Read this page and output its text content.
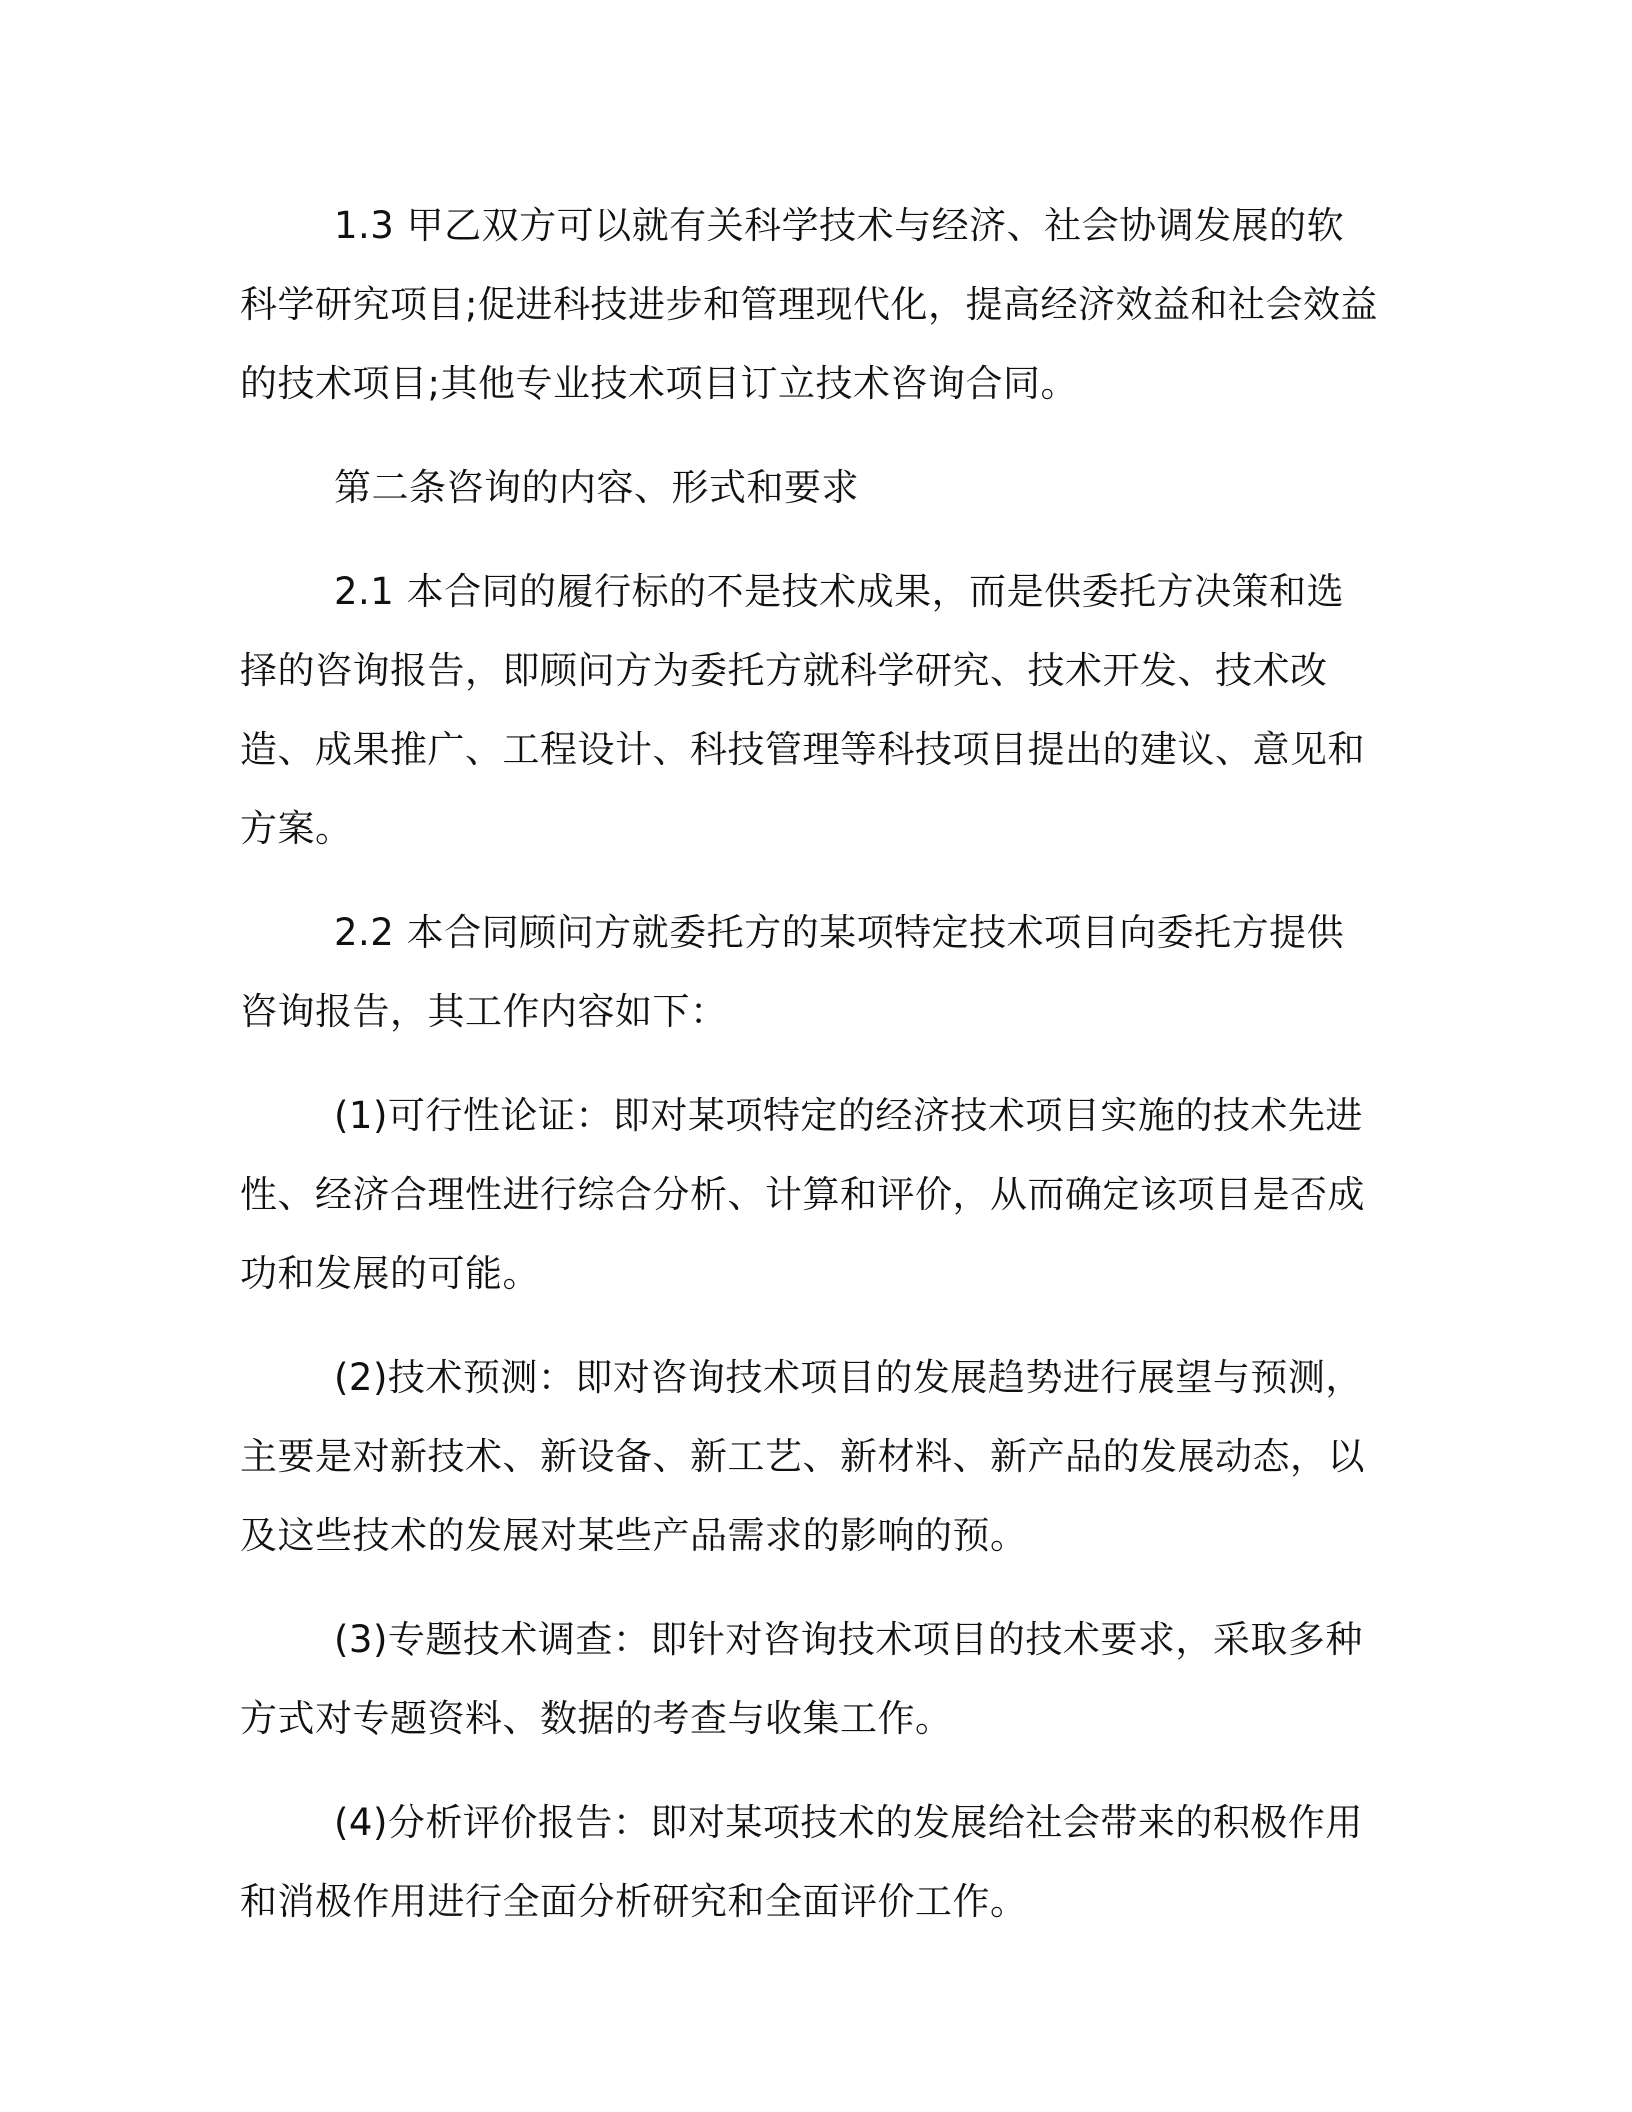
1.3 甲乙双方可以就有关科学技术与经济、社会协调发展的软科学研究项目;促进科技进步和管理现代化，提高经济效益和社会效益的技术项目;其他专业技术项目订立技术咨询合同。

第二条咨询的内容、形式和要求

2.1 本合同的履行标的不是技术成果，而是供委托方决策和选择的咨询报告，即顾问方为委托方就科学研究、技术开发、技术改造、成果推广、工程设计、科技管理等科技项目提出的建议、意见和方案。

2.2 本合同顾问方就委托方的某项特定技术项目向委托方提供咨询报告，其工作内容如下：

(1)可行性论证：即对某项特定的经济技术项目实施的技术先进性、经济合理性进行综合分析、计算和评价，从而确定该项目是否成功和发展的可能。

(2)技术预测：即对咨询技术项目的发展趋势进行展望与预测，主要是对新技术、新设备、新工艺、新材料、新产品的发展动态，以及这些技术的发展对某些产品需求的影响的预。

(3)专题技术调查：即针对咨询技术项目的技术要求，采取多种方式对专题资料、数据的考查与收集工作。

(4)分析评价报告：即对某项技术的发展给社会带来的积极作用和消极作用进行全面分析研究和全面评价工作。
